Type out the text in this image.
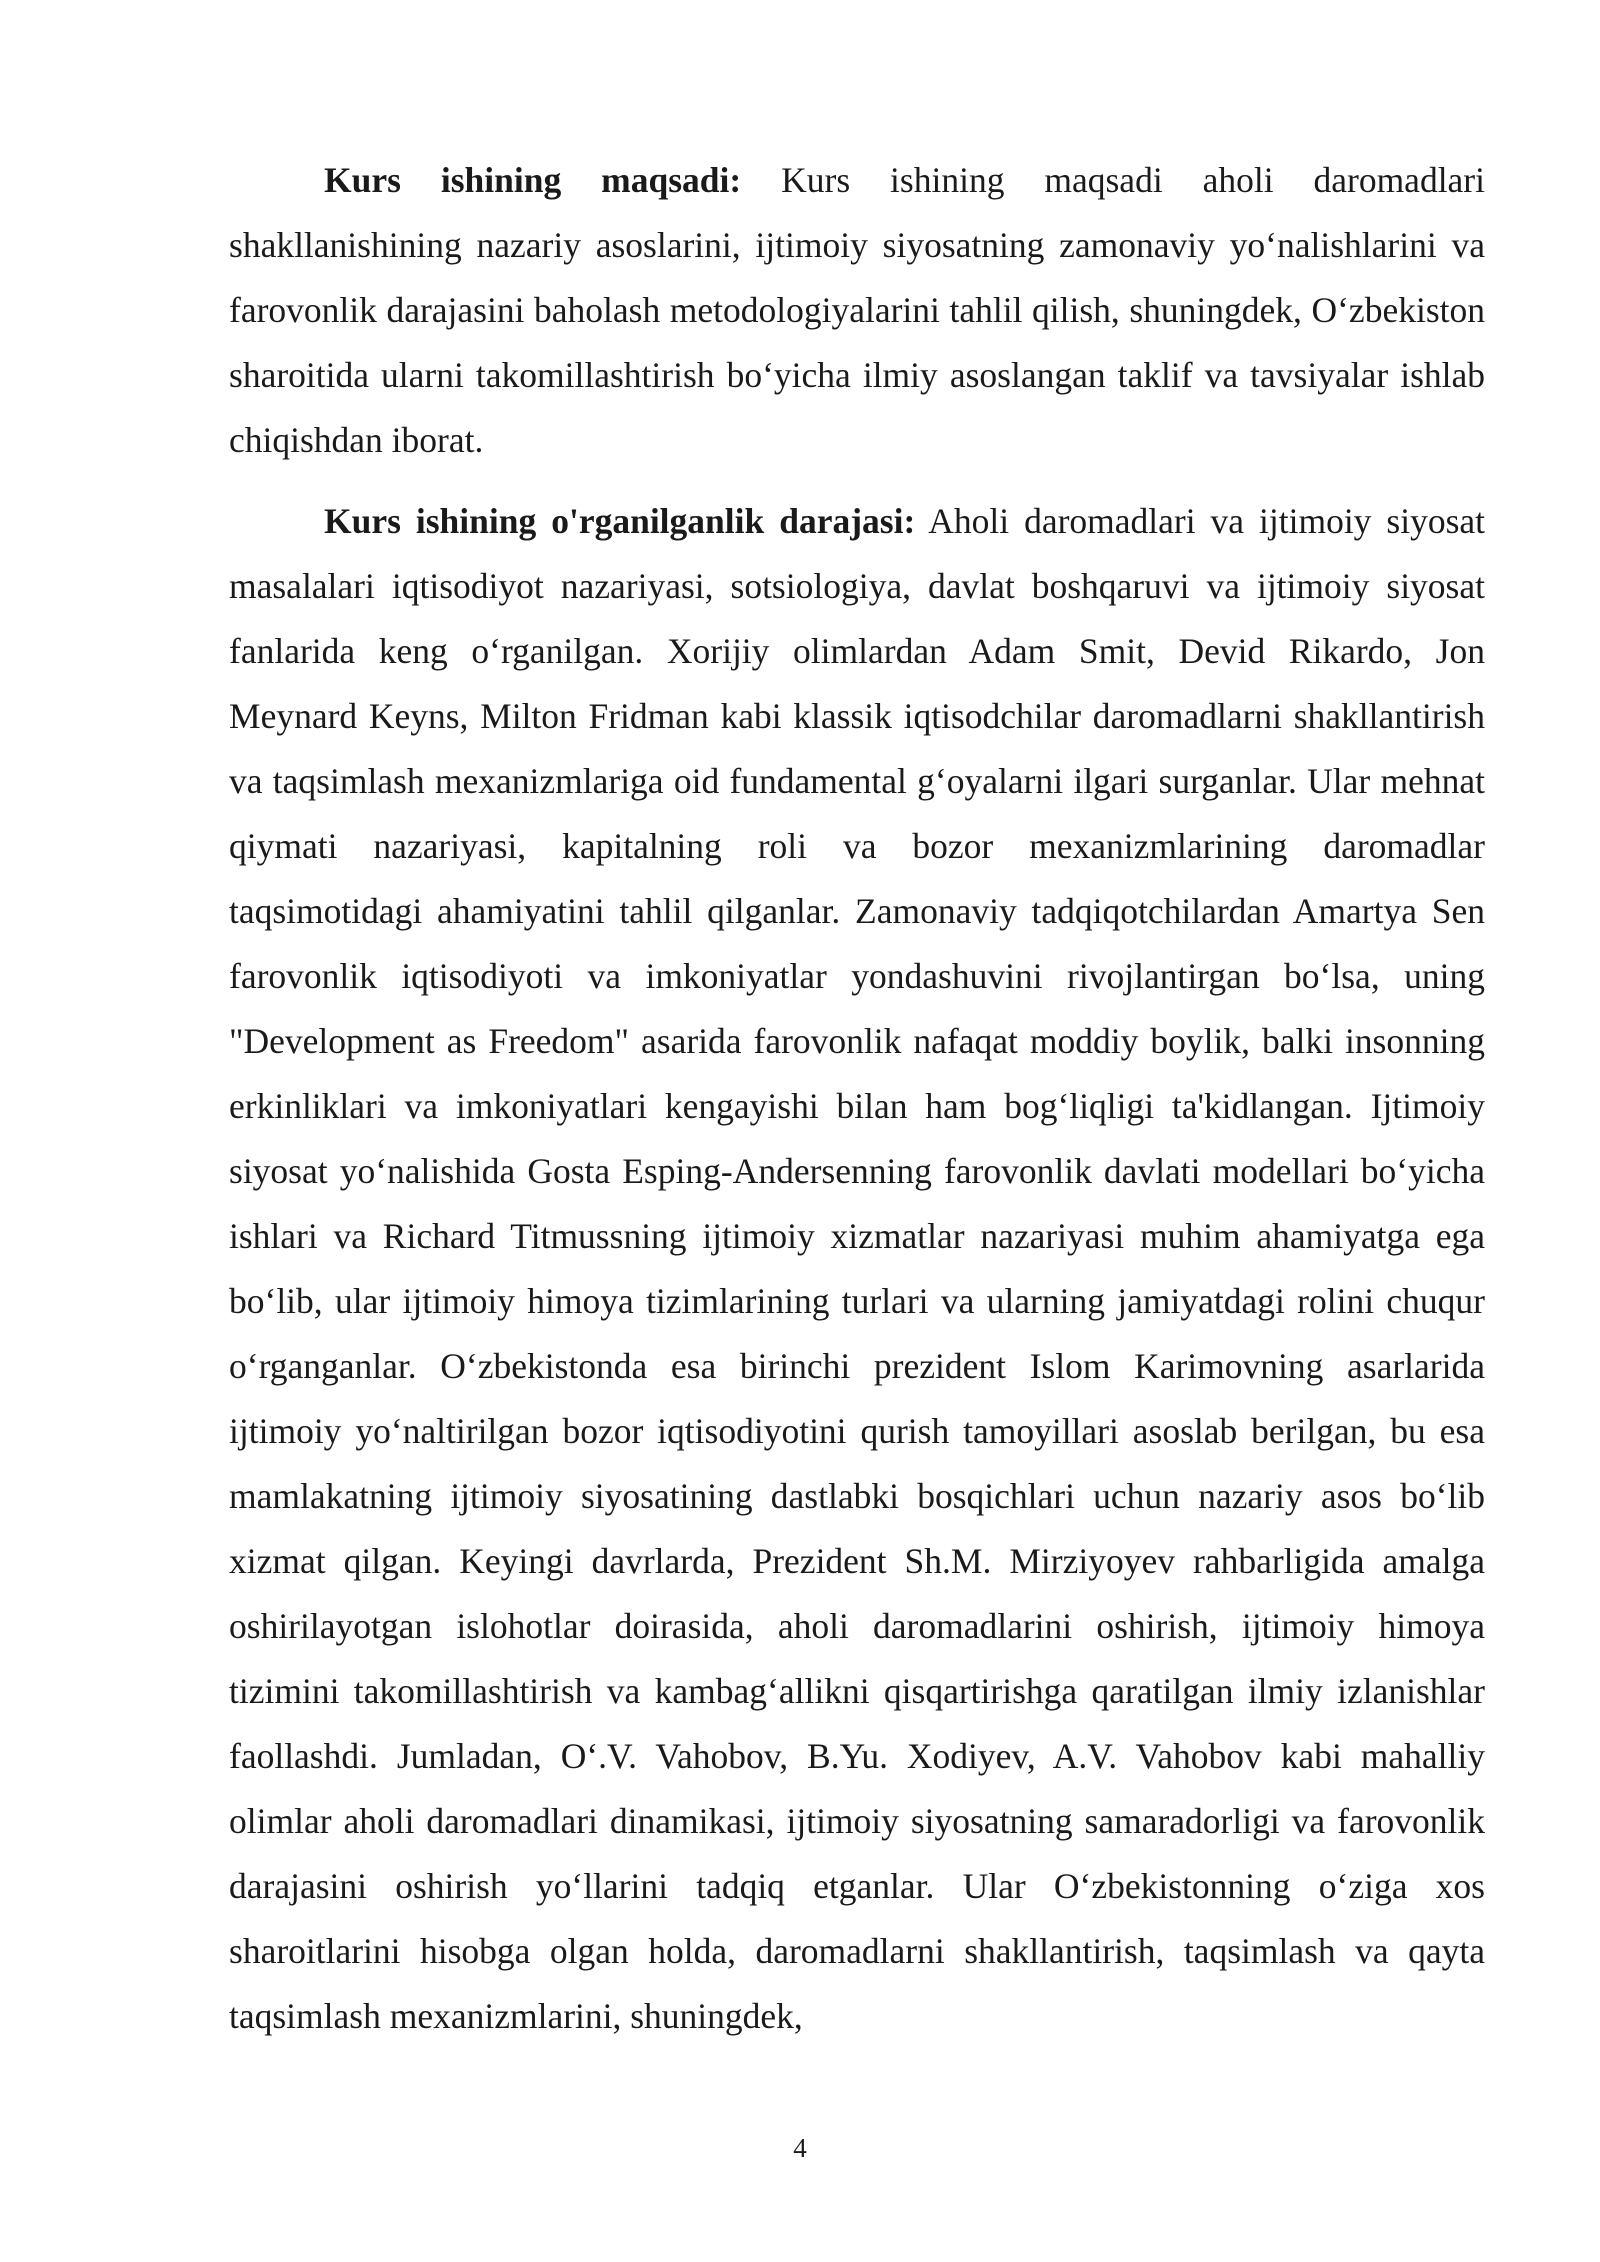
Kurs ishining maqsadi: Kurs ishining maqsadi aholi daromadlari shakllanishining nazariy asoslarini, ijtimoiy siyosatning zamonaviy yo‘nalishlarini va farovonlik darajasini baholash metodologiyalarini tahlil qilish, shuningdek, O‘zbekiston sharoitida ularni takomillashtirish bo‘yicha ilmiy asoslangan taklif va tavsiyalar ishlab chiqishdan iborat.

Kurs ishining o'rganilganlik darajasi: Aholi daromadlari va ijtimoiy siyosat masalalari iqtisodiyot nazariyasi, sotsiologiya, davlat boshqaruvi va ijtimoiy siyosat fanlarida keng o‘rganilgan. Xorijiy olimlardan Adam Smit, Devid Rikardo, Jon Meynard Keyns, Milton Fridman kabi klassik iqtisodchilar daromadlarni shakllantirish va taqsimlash mexanizmlariga oid fundamental g‘oyalarni ilgari surganlar. Ular mehnat qiymati nazariyasi, kapitalning roli va bozor mexanizmlarining daromadlar taqsimotidagi ahamiyatini tahlil qilganlar. Zamonaviy tadqiqotchilardan Amartya Sen farovonlik iqtisodiyoti va imkoniyatlar yondashuvini rivojlantirgan bo‘lsa, uning "Development as Freedom" asarida farovonlik nafaqat moddiy boylik, balki insonning erkinliklari va imkoniyatlari kengayishi bilan ham bog‘liqligi ta'kidlangan. Ijtimoiy siyosat yo‘nalishida Gosta Esping-Andersenning farovonlik davlati modellari bo‘yicha ishlari va Richard Titmussning ijtimoiy xizmatlar nazariyasi muhim ahamiyatga ega bo‘lib, ular ijtimoiy himoya tizimlarining turlari va ularning jamiyatdagi rolini chuqur o‘rganganlar. O‘zbekistonda esa birinchi prezident Islom Karimovning asarlarida ijtimoiy yo‘naltirilgan bozor iqtisodiyotini qurish tamoyillari asoslab berilgan, bu esa mamlakatning ijtimoiy siyosatining dastlabki bosqichlari uchun nazariy asos bo‘lib xizmat qilgan. Keyingi davrlarda, Prezident Sh.M. Mirziyoyev rahbarligida amalga oshirilayotgan islohotlar doirasida, aholi daromadlarini oshirish, ijtimoiy himoya tizimini takomillashtirish va kambag‘allikni qisqartirishga qaratilgan ilmiy izlanishlar faollashdi. Jumladan, O‘.V. Vahobov, B.Yu. Xodiyev, A.V. Vahobov kabi mahalliy olimlar aholi daromadlari dinamikasi, ijtimoiy siyosatning samaradorligi va farovonlik darajasini oshirish yo‘llarini tadqiq etganlar. Ular O‘zbekistonning o‘ziga xos sharoitlarini hisobga olgan holda, daromadlarni shakllantirish, taqsimlash va qayta taqsimlash mexanizmlarini, shuningdek,

4
